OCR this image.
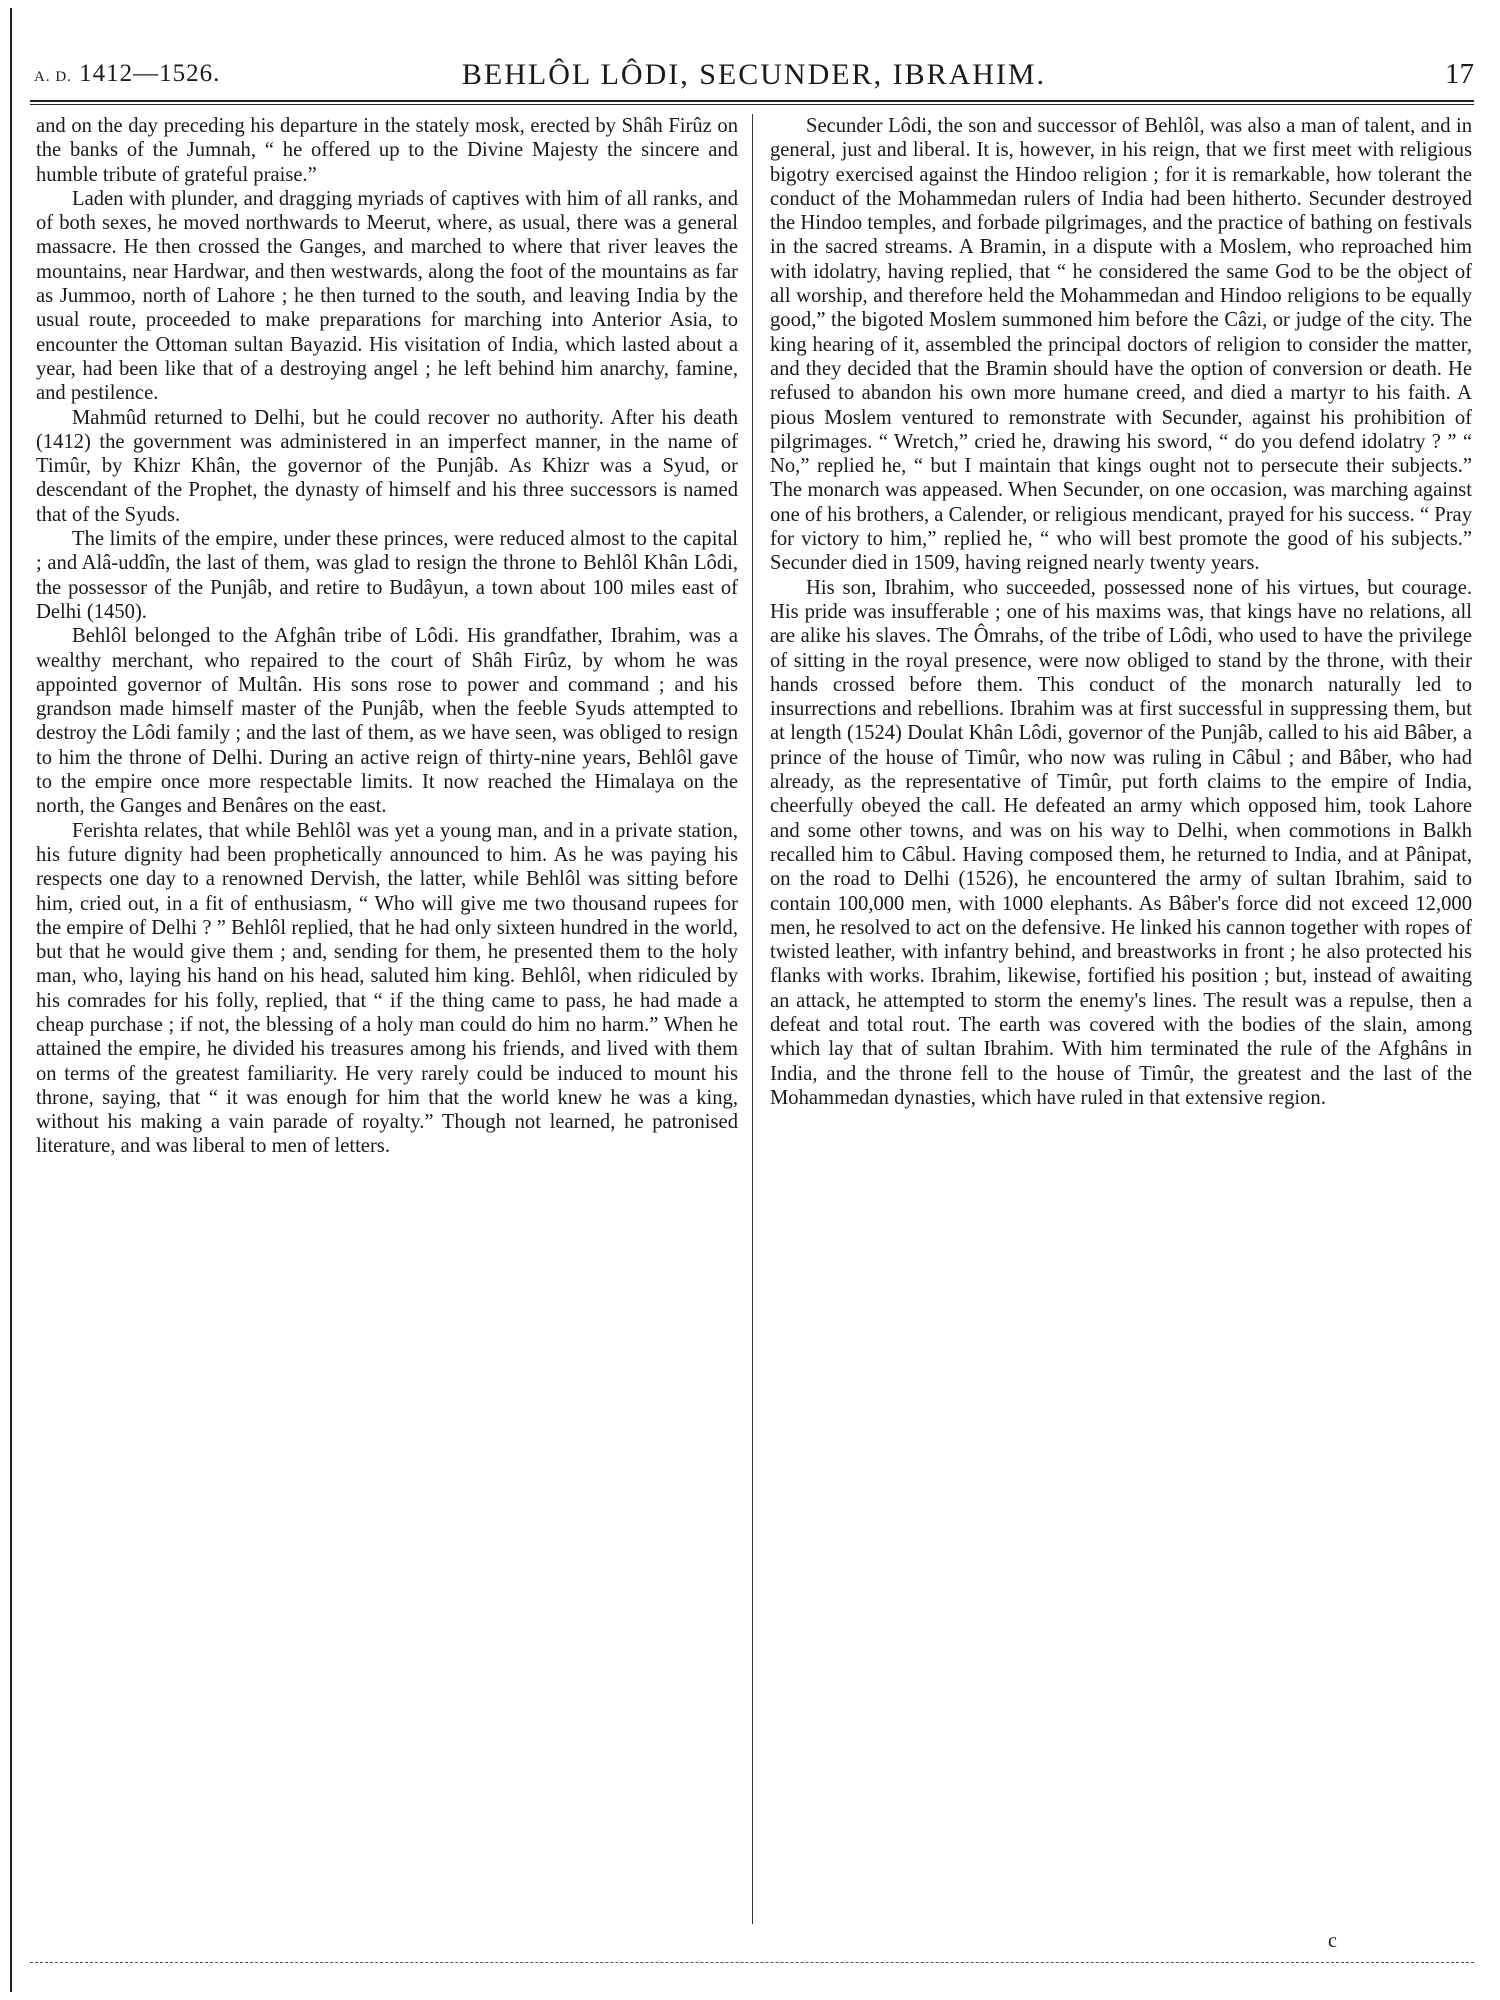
A. D. 1412—1526.	BEHLÔL LÔDI, SECUNDER, IBRAHIM.	17

and on the day preceding his departure in the stately mosk, erected by Shâh Firûz on the banks of the Jumnah, “ he offered up to the Divine Majesty the sincere and humble tribute of grateful praise.”

Laden with plunder, and dragging myriads of captives with him of all ranks, and of both sexes, he moved northwards to Meerut, where, as usual, there was a general massacre. He then crossed the Ganges, and marched to where that river leaves the mountains, near Hardwar, and then westwards, along the foot of the mountains as far as Jummoo, north of Lahore ; he then turned to the south, and leaving India by the usual route, proceeded to make preparations for marching into Anterior Asia, to encounter the Ottoman sultan Bayazid. His visitation of India, which lasted about a year, had been like that of a destroying angel ; he left behind him anarchy, famine, and pestilence.

Mahmûd returned to Delhi, but he could recover no authority. After his death (1412) the government was administered in an imperfect manner, in the name of Timûr, by Khizr Khân, the governor of the Punjâb. As Khizr was a Syud, or descendant of the Prophet, the dynasty of himself and his three successors is named that of the Syuds.

The limits of the empire, under these princes, were reduced almost to the capital ; and Alâ-uddîn, the last of them, was glad to resign the throne to Behlôl Khân Lôdi, the possessor of the Punjâb, and retire to Budâyun, a town about 100 miles east of Delhi (1450).

Behlôl belonged to the Afghân tribe of Lôdi. His grandfather, Ibrahim, was a wealthy merchant, who repaired to the court of Shâh Firûz, by whom he was appointed governor of Multân. His sons rose to power and command ; and his grandson made himself master of the Punjâb, when the feeble Syuds attempted to destroy the Lôdi family ; and the last of them, as we have seen, was obliged to resign to him the throne of Delhi. During an active reign of thirty-nine years, Behlôl gave to the empire once more respectable limits. It now reached the Himalaya on the north, the Ganges and Benâres on the east.

Ferishta relates, that while Behlôl was yet a young man, and in a private station, his future dignity had been prophetically announced to him. As he was paying his respects one day to a renowned Dervish, the latter, while Behlôl was sitting before him, cried out, in a fit of enthusiasm, “ Who will give me two thousand rupees for the empire of Delhi ? ” Behlôl replied, that he had only sixteen hundred in the world, but that he would give them ; and, sending for them, he presented them to the holy man, who, laying his hand on his head, saluted him king. Behlôl, when ridiculed by his comrades for his folly, replied, that “ if the thing came to pass, he had made a cheap purchase ; if not, the blessing of a holy man could do him no harm.” When he attained the empire, he divided his treasures among his friends, and lived with them on terms of the greatest familiarity. He very rarely could be induced to mount his throne, saying, that “ it was enough for him that the world knew he was a king, without his making a vain parade of royalty.” Though not learned, he patronised literature, and was liberal to men of letters.

Secunder Lôdi, the son and successor of Behlôl, was also a man of talent, and in general, just and liberal. It is, however, in his reign, that we first meet with religious bigotry exercised against the Hindoo religion ; for it is remarkable, how tolerant the conduct of the Mohammedan rulers of India had been hitherto. Secunder destroyed the Hindoo temples, and forbade pilgrimages, and the practice of bathing on festivals in the sacred streams. A Bramin, in a dispute with a Moslem, who reproached him with idolatry, having replied, that “ he considered the same God to be the object of all worship, and therefore held the Mohammedan and Hindoo religions to be equally good,” the bigoted Moslem summoned him before the Câzi, or judge of the city. The king hearing of it, assembled the principal doctors of religion to consider the matter, and they decided that the Bramin should have the option of conversion or death. He refused to abandon his own more humane creed, and died a martyr to his faith. A pious Moslem ventured to remonstrate with Secunder, against his prohibition of pilgrimages. “ Wretch,” cried he, drawing his sword, “ do you defend idolatry ? ” “ No,” replied he, “ but I maintain that kings ought not to persecute their subjects.” The monarch was appeased. When Secunder, on one occasion, was marching against one of his brothers, a Calender, or religious mendicant, prayed for his success. “ Pray for victory to him,” replied he, “ who will best promote the good of his subjects.” Secunder died in 1509, having reigned nearly twenty years.

His son, Ibrahim, who succeeded, possessed none of his virtues, but courage. His pride was insufferable ; one of his maxims was, that kings have no relations, all are alike his slaves. The Ômrahs, of the tribe of Lôdi, who used to have the privilege of sitting in the royal presence, were now obliged to stand by the throne, with their hands crossed before them. This conduct of the monarch naturally led to insurrections and rebellions. Ibrahim was at first successful in suppressing them, but at length (1524) Doulat Khân Lôdi, governor of the Punjâb, called to his aid Bâber, a prince of the house of Timûr, who now was ruling in Câbul ; and Bâber, who had already, as the representative of Timûr, put forth claims to the empire of India, cheerfully obeyed the call. He defeated an army which opposed him, took Lahore and some other towns, and was on his way to Delhi, when commotions in Balkh recalled him to Câbul. Having composed them, he returned to India, and at Pânipat, on the road to Delhi (1526), he encountered the army of sultan Ibrahim, said to contain 100,000 men, with 1000 elephants. As Bâber's force did not exceed 12,000 men, he resolved to act on the defensive. He linked his cannon together with ropes of twisted leather, with infantry behind, and breastworks in front ; he also protected his flanks with works. Ibrahim, likewise, fortified his position ; but, instead of awaiting an attack, he attempted to storm the enemy's lines. The result was a repulse, then a defeat and total rout. The earth was covered with the bodies of the slain, among which lay that of sultan Ibrahim. With him terminated the rule of the Afghâns in India, and the throne fell to the house of Timûr, the greatest and the last of the Mohammedan dynasties, which have ruled in that extensive region.

c
